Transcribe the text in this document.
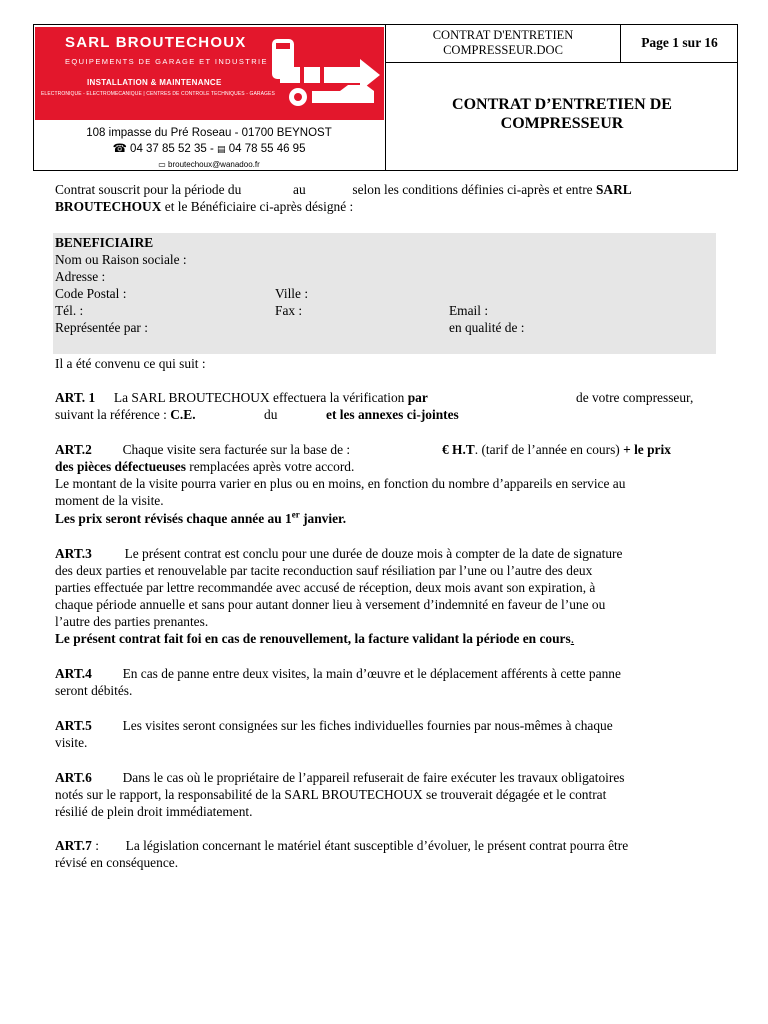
SARL BROUTECHOUX
EQUIPEMENTS DE GARAGE ET INDUSTRIE
INSTALLATION & MAINTENANCE
ELECTRONIQUE - ELECTROMECANIQUE | CENTRES DE CONTROLE TECHNIQUES - GARAGES
108 impasse du Pré Roseau - 01700 BEYNOST
☎ 04 37 85 52 35 - ▤ 04 78 55 46 95
▭ broutechoux@wanadoo.fr
CONTRAT D'ENTRETIEN
COMPRESSEUR.DOC	Page 1 sur 16
CONTRAT D’ENTRETIEN DE
COMPRESSEUR
Contrat souscrit pour la période du	au	selon les conditions définies ci-après et entre SARL
BROUTECHOUX et le Bénéficiaire ci-après désigné :
BENEFICIAIRE
Nom ou Raison sociale :
Adresse :
Code Postal :	Ville :
Tél. :	Fax :	Email :
Représentée par :	en qualité de :
Il a été convenu ce qui suit :
ART. 1 La SARL BROUTECHOUX effectuera la vérification par	de votre compresseur,
suivant la référence : C.E.	du	et les annexes ci-jointes
ART.2 Chaque visite sera facturée sur la base de :	€ H.T. (tarif de l’année en cours) + le prix
des pièces défectueuses remplacées après votre accord.
Le montant de la visite pourra varier en plus ou en moins, en fonction du nombre d’appareils en service au
moment de la visite.
Les prix seront révisés chaque année au 1er janvier.
ART.3 Le présent contrat est conclu pour une durée de douze mois à compter de la date de signature
des deux parties et renouvelable par tacite reconduction sauf résiliation par l’une ou l’autre des deux
parties effectuée par lettre recommandée avec accusé de réception, deux mois avant son expiration, à
chaque période annuelle et sans pour autant donner lieu à versement d’indemnité en faveur de l’une ou
l’autre des parties prenantes.
Le présent contrat fait foi en cas de renouvellement, la facture validant la période en cours.
ART.4 En cas de panne entre deux visites, la main d’œuvre et le déplacement afférents à cette panne
seront débités.
ART.5 Les visites seront consignées sur les fiches individuelles fournies par nous-mêmes à chaque
visite.
ART.6 Dans le cas où le propriétaire de l’appareil refuserait de faire exécuter les travaux obligatoires
notés sur le rapport, la responsabilité de la SARL BROUTECHOUX se trouverait dégagée et le contrat
résilié de plein droit immédiatement.
ART.7 : La législation concernant le matériel étant susceptible d’évoluer, le présent contrat pourra être
révisé en conséquence.
